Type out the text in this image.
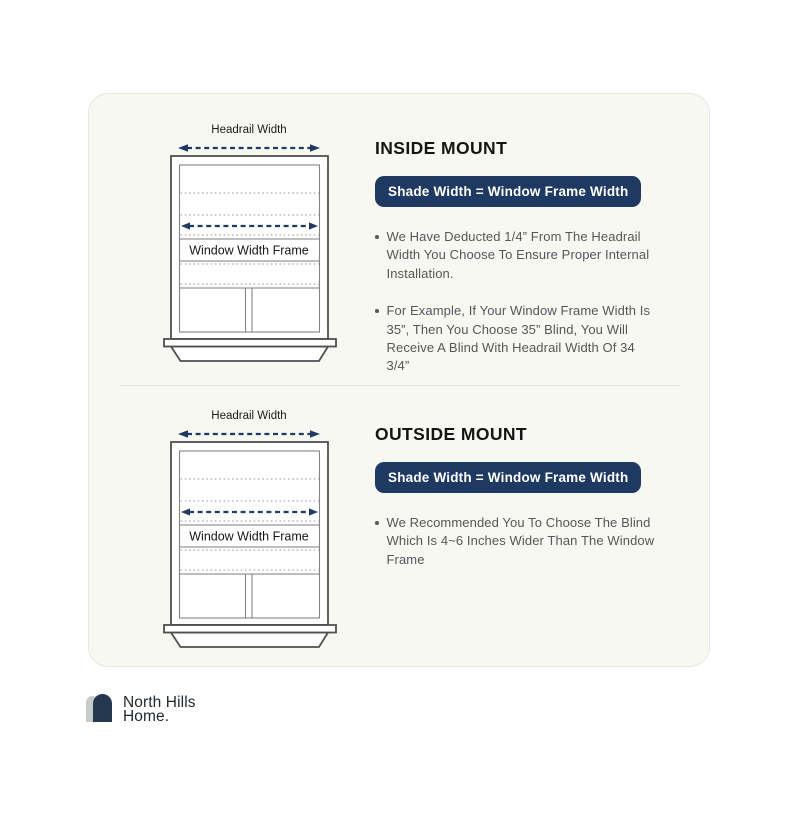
Headrail Width
Window Width Frame
INSIDE MOUNT
Shade Width = Window Frame Width

We Have Deducted 1/4” From The Headrail Width You Choose To Ensure Proper Internal Installation.

For Example, If Your Window Frame Width Is 35”, Then You Choose 35” Blind, You Will Receive A Blind With Headrail Width Of 34 3/4”

Headrail Width
Window Width Frame
OUTSIDE MOUNT
Shade Width = Window Frame Width

We Recommended You To Choose The Blind Which Is 4~6 Inches Wider Than The Window Frame

North Hills
Home.
